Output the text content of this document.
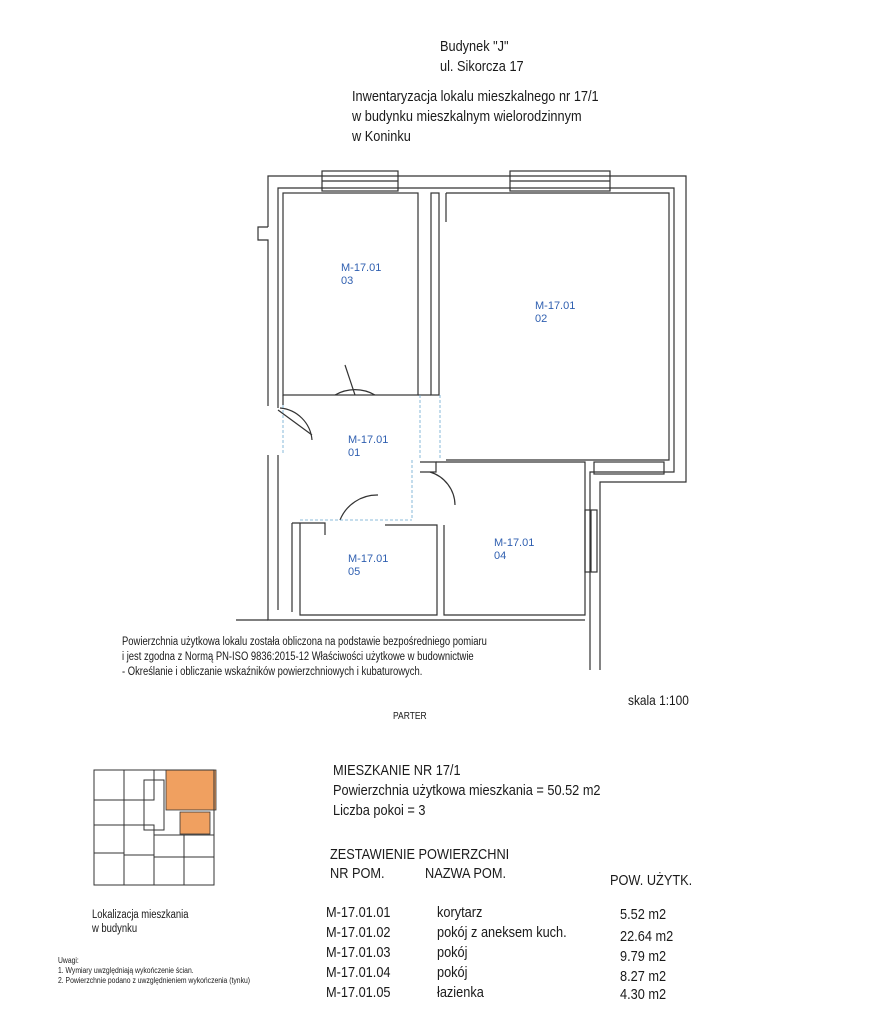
Budynek "J"
ul. Sikorcza 17
Inwentaryzacja lokalu mieszkalnego nr 17/1
w budynku mieszkalnym wielorodzinnym
w Koninku
M-17.01
03
M-17.01
02
M-17.01
01
M-17.01
04
M-17.01
05
Powierzchnia użytkowa lokalu została obliczona na podstawie bezpośredniego pomiaru
i jest zgodna z Normą PN-ISO 9836:2015-12 Właściwości użytkowe w budownictwie
- Określanie i obliczanie wskaźników powierzchniowych i kubaturowych.
skala 1:100
PARTER
Lokalizacja mieszkania
w budynku
Uwagi:
1. Wymiary uwzględniają wykończenie ścian.
2. Powierzchnie podano z uwzględnieniem wykończenia (tynku)
MIESZKANIE NR 17/1
Powierzchnia użytkowa mieszkania = 50.52 m2
Liczba pokoi = 3
ZESTAWIENIE POWIERZCHNI
NR POM.	NAZWA POM.	POW. UŻYTK.
M-17.01.01	korytarz	5.52 m2
M-17.01.02	pokój z aneksem kuch.	22.64 m2
M-17.01.03	pokój	9.79 m2
M-17.01.04	pokój	8.27 m2
M-17.01.05	łazienka	4.30 m2
